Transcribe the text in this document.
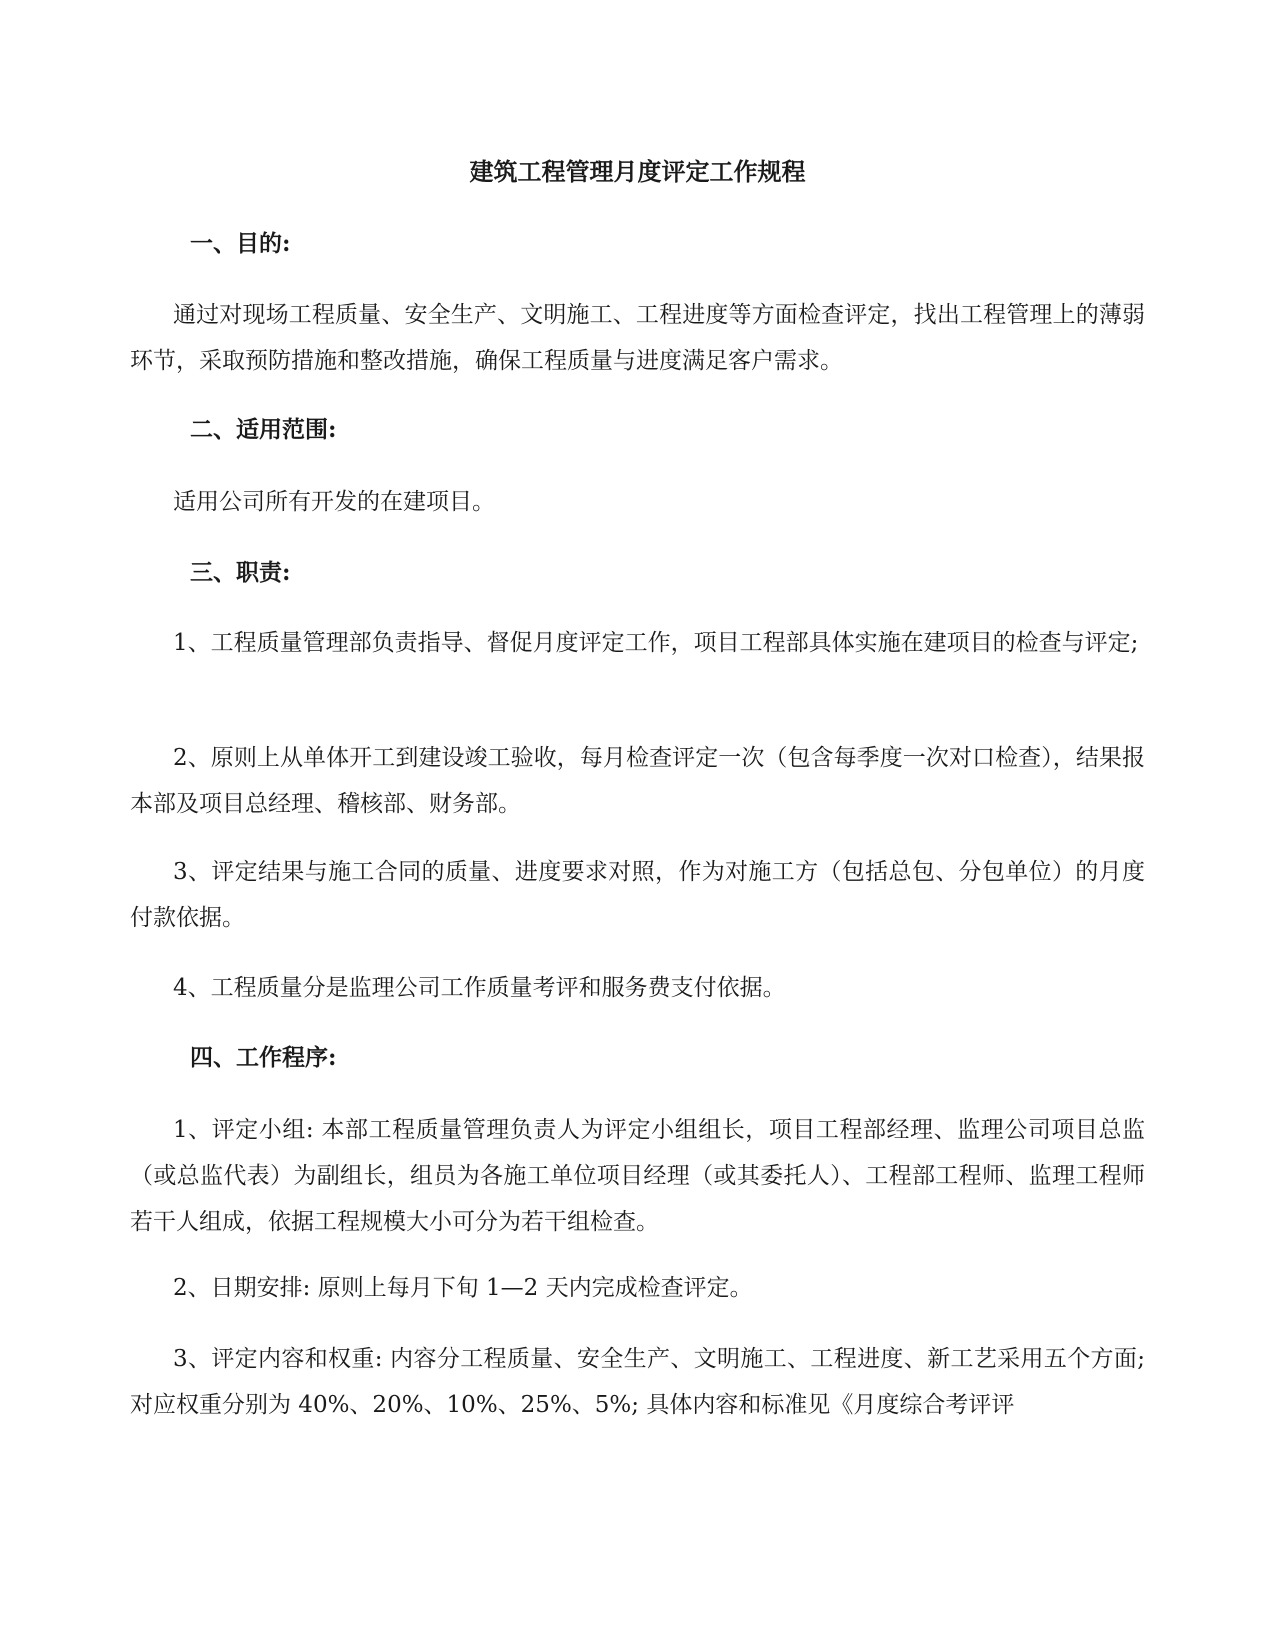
建筑工程管理月度评定工作规程
一、目的:

通过对现场工程质量、安全生产、文明施工、工程进度等方面检查评定，找出工程管理上的薄弱环节，采取预防措施和整改措施，确保工程质量与进度满足客户需求。

二、适用范围:

适用公司所有开发的在建项目。

三、职责:

1、工程质量管理部负责指导、督促月度评定工作，项目工程部具体实施在建项目的检查与评定;

2、原则上从单体开工到建设竣工验收，每月检查评定一次（包含每季度一次对口检查），结果报本部及项目总经理、稽核部、财务部。

3、评定结果与施工合同的质量、进度要求对照，作为对施工方（包括总包、分包单位）的月度付款依据。

4、工程质量分是监理公司工作质量考评和服务费支付依据。

四、工作程序:

1、评定小组: 本部工程质量管理负责人为评定小组组长，项目工程部经理、监理公司项目总监（或总监代表）为副组长，组员为各施工单位项目经理（或其委托人）、工程部工程师、监理工程师若干人组成，依据工程规模大小可分为若干组检查。

2、日期安排: 原则上每月下旬 1—2 天内完成检查评定。

3、评定内容和权重: 内容分工程质量、安全生产、文明施工、工程进度、新工艺采用五个方面; 对应权重分别为 40%、20%、10%、25%、5%; 具体内容和标准见《月度综合考评评
